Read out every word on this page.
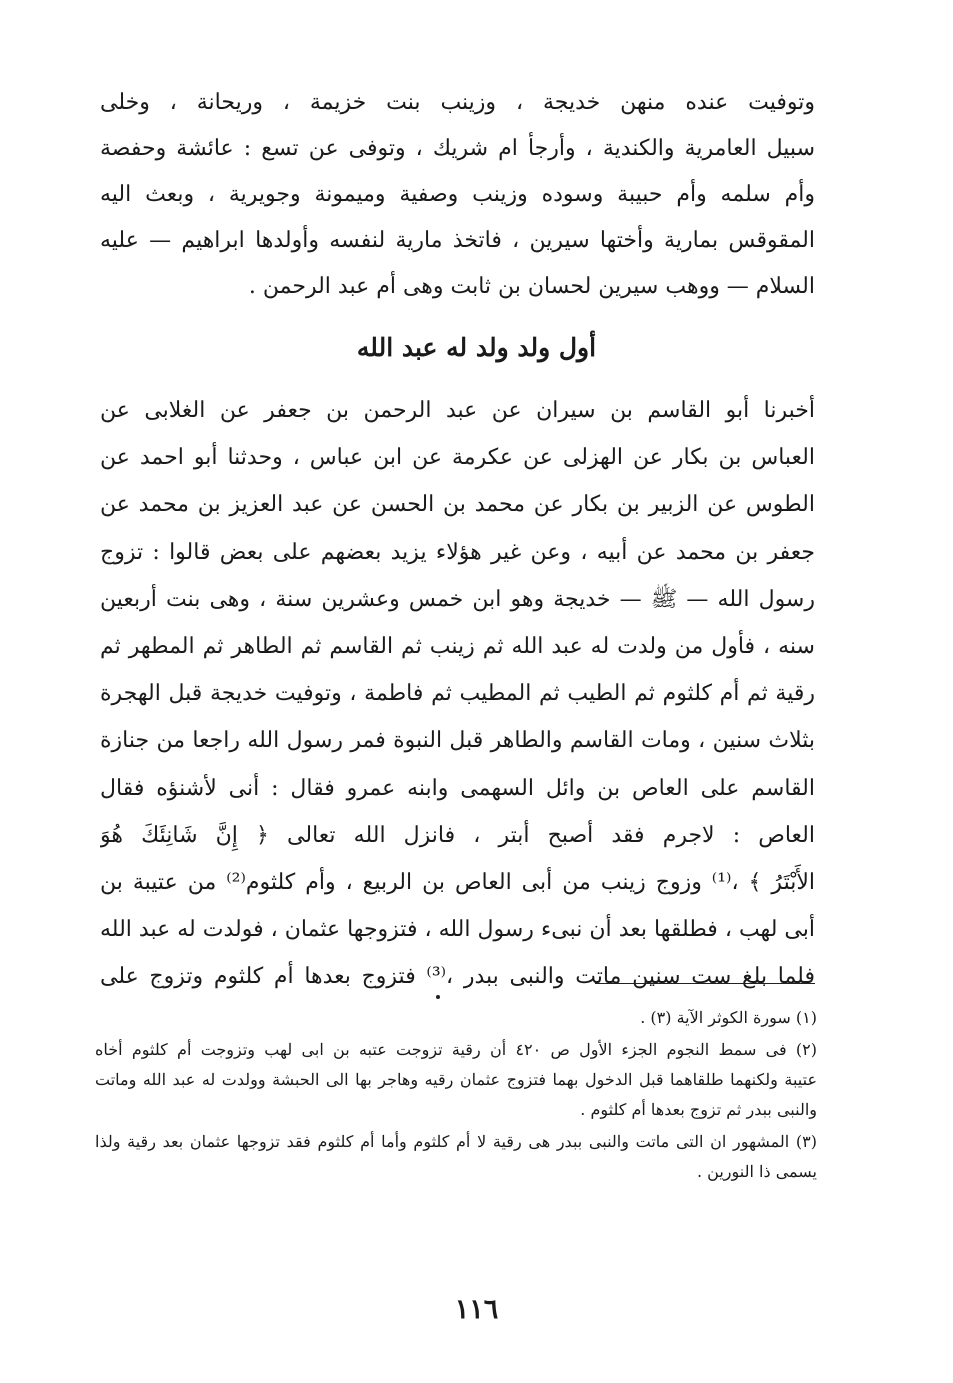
وتوفيت عنده منهن خديجة ، وزينب بنت خزيمة ، وريحانة ، وخلى
سبيل العامرية والكندية ، وأرجأ ام شريك ، وتوفى عن تسع : عائشة وحفصة
وأم سلمه وأم حبيبة وسوده وزينب وصفية وميمونة وجويرية ، وبعث اليه
المقوقس بمارية وأختها سيرين ، فاتخذ مارية لنفسه وأولدها ابراهيم — عليه
السلام — ووهب سيرين لحسان بن ثابت وهى أم عبد الرحمن .
أول ولد ولد له عبد الله
أخبرنا أبو القاسم بن سيران عن عبد الرحمن بن جعفر عن الغلابى عن
العباس بن بكار عن الهزلى عن عكرمة عن ابن عباس ، وحدثنا أبو احمد عن
الطوس عن الزبير بن بكار عن محمد بن الحسن عن عبد العزيز بن محمد عن
جعفر بن محمد عن أبيه ، وعن غير هؤلاء يزيد بعضهم على بعض قالوا : تزوج
رسول الله — ﷺ — خديجة وهو ابن خمس وعشرين سنة ، وهى بنت أربعين
سنه ، فأول من ولدت له عبد الله ثم زينب ثم القاسم ثم الطاهر ثم المطهر ثم
رقية ثم أم كلثوم ثم الطيب ثم المطيب ثم فاطمة ، وتوفيت خديجة قبل الهجرة
بثلاث سنين ، ومات القاسم والطاهر قبل النبوة فمر رسول الله راجعا من جنازة
القاسم على العاص بن وائل السهمى وابنه عمرو فقال : أنى لأشنؤه فقال
العاص : لاجرم فقد أصبح أبتر ، فانزل الله تعالى ﴿ إِنَّ شَانِئَكَ هُوَ
الأَبْتَرُ ﴾ ،⁽¹⁾ وزوج زينب من أبى العاص بن الربيع ، وأم كلثوم⁽²⁾ من عتيبة بن
أبى لهب ، فطلقها بعد أن نبىء رسول الله ، فتزوجها عثمان ، فولدت له عبد الله
فلما بلغ ست سنين ماتت والنبى ببدر ،⁽³⁾ فتزوج بعدها أم كلثوم وتزوج على
(١) سورة الكوثر الآية (٣) .
(٢) فى سمط النجوم الجزء الأول ص ٤٢٠ أن رقية تزوجت عتبه بن ابى لهب وتزوجت أم كلثوم أخاه
عتيبة ولكنهما طلقاهما قبل الدخول بهما فتزوج عثمان رقيه وهاجر بها الى الحبشة وولدت له عبد الله وماتت
والنبى ببدر ثم تزوج بعدها أم كلثوم .
(٣) المشهور ان التى ماتت والنبى ببدر هى رقية لا أم كلثوم وأما أم كلثوم فقد تزوجها عثمان بعد رقية ولذا
يسمى ذا النورين .
١١٦
